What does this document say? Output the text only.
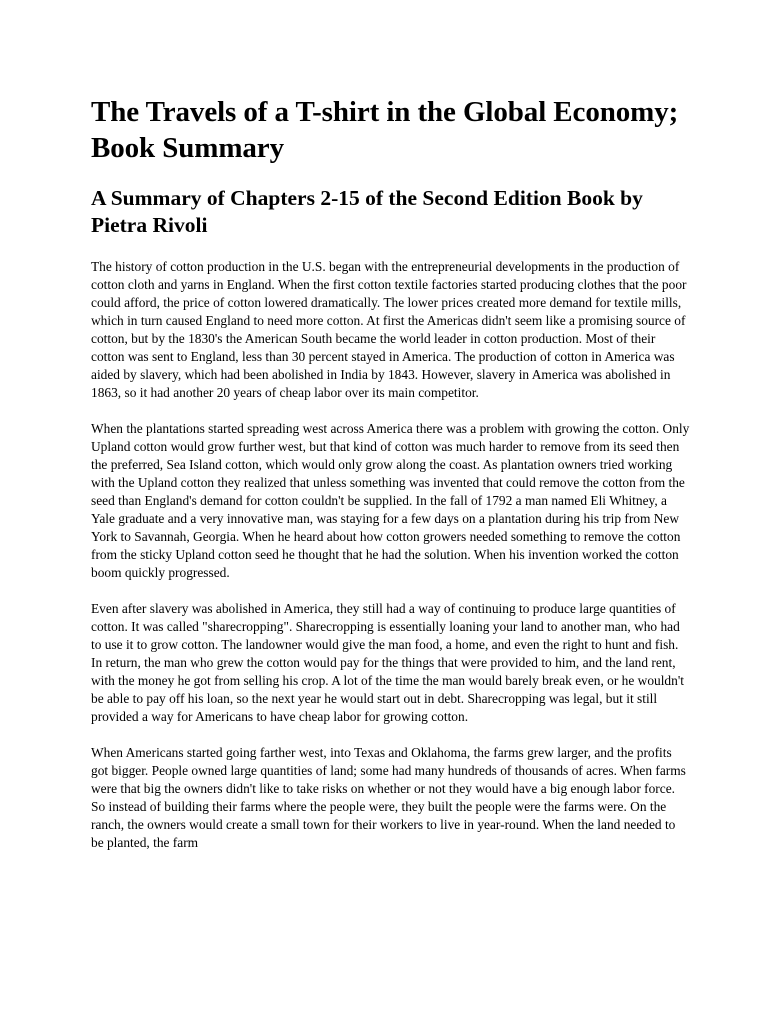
The Travels of a T-shirt in the Global Economy; Book Summary
A Summary of Chapters 2-15 of the Second Edition Book by Pietra Rivoli

The history of cotton production in the U.S. began with the entrepreneurial developments in the production of cotton cloth and yarns in England. When the first cotton textile factories started producing clothes that the poor could afford, the price of cotton lowered dramatically. The lower prices created more demand for textile mills, which in turn caused England to need more cotton. At first the Americas didn't seem like a promising source of cotton, but by the 1830's the American South became the world leader in cotton production. Most of their cotton was sent to England, less than 30 percent stayed in America. The production of cotton in America was aided by slavery, which had been abolished in India by 1843. However, slavery in America was abolished in 1863, so it had another 20 years of cheap labor over its main competitor.

When the plantations started spreading west across America there was a problem with growing the cotton. Only Upland cotton would grow further west, but that kind of cotton was much harder to remove from its seed then the preferred, Sea Island cotton, which would only grow along the coast. As plantation owners tried working with the Upland cotton they realized that unless something was invented that could remove the cotton from the seed than England's demand for cotton couldn't be supplied. In the fall of 1792 a man named Eli Whitney, a Yale graduate and a very innovative man, was staying for a few days on a plantation during his trip from New York to Savannah, Georgia. When he heard about how cotton growers needed something to remove the cotton from the sticky Upland cotton seed he thought that he had the solution. When his invention worked the cotton boom quickly progressed.

Even after slavery was abolished in America, they still had a way of continuing to produce large quantities of cotton. It was called "sharecropping". Sharecropping is essentially loaning your land to another man, who had to use it to grow cotton. The landowner would give the man food, a home, and even the right to hunt and fish. In return, the man who grew the cotton would pay for the things that were provided to him, and the land rent, with the money he got from selling his crop. A lot of the time the man would barely break even, or he wouldn't be able to pay off his loan, so the next year he would start out in debt. Sharecropping was legal, but it still provided a way for Americans to have cheap labor for growing cotton.

When Americans started going farther west, into Texas and Oklahoma, the farms grew larger, and the profits got bigger. People owned large quantities of land; some had many hundreds of thousands of acres. When farms were that big the owners didn't like to take risks on whether or not they would have a big enough labor force. So instead of building their farms where the people were, they built the people were the farms were. On the ranch, the owners would create a small town for their workers to live in year-round. When the land needed to be planted, the farm
